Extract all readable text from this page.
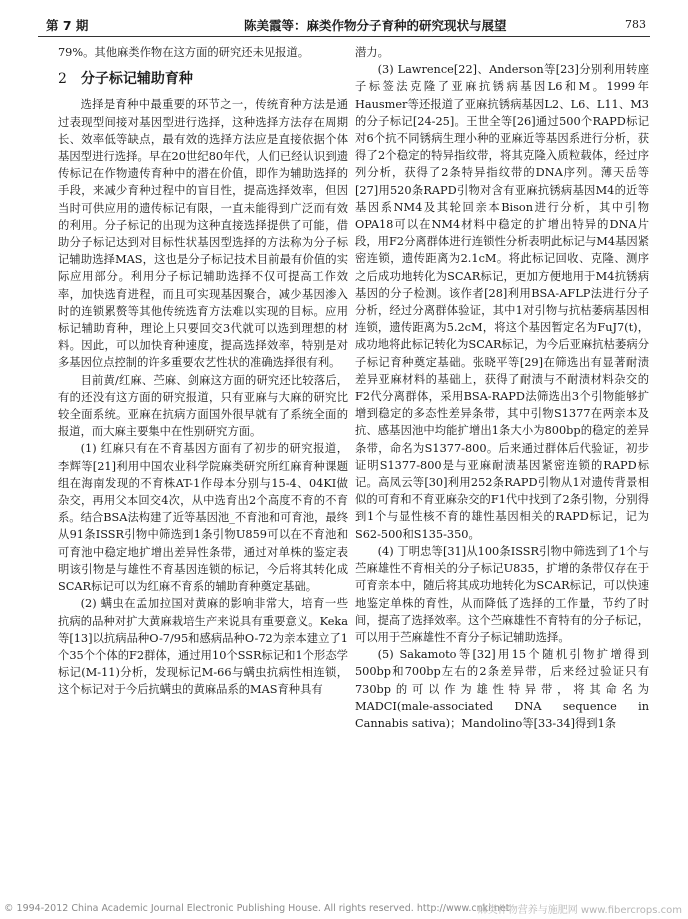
第 7 期	陈美霞等：麻类作物分子育种的研究现状与展望	783

79%。其他麻类作物在这方面的研究还未见报道。

2 分子标记辅助育种

选择是育种中最重要的环节之一，传统育种方法是通过表现型间接对基因型进行选择，这种选择方法存在周期长、效率低等缺点，最有效的选择方法应是直接依据个体基因型进行选择。早在20世纪80年代，人们已经认识到遗传标记在作物遗传育种中的潜在价值，即作为辅助选择的手段，来减少育种过程中的盲目性，提高选择效率，但因当时可供应用的遗传标记有限，一直未能得到广泛而有效的利用。分子标记的出现为这种直接选择提供了可能，借助分子标记达到对目标性状基因型选择的方法称为分子标记辅助选择MAS，这也是分子标记技术目前最有价值的实际应用部分。利用分子标记辅助选择不仅可提高工作效率，加快选育进程，而且可实现基因聚合，减少基因渗入时的连锁累赘等其他传统选育方法难以实现的目标。应用标记辅助育种，理论上只要回交3代就可以选到理想的材料。因此，可以加快育种速度，提高选择效率，特别是对多基因位点控制的许多重要农艺性状的准确选择很有利。

目前黄/红麻、苎麻、剑麻这方面的研究还比较落后，有的还没有这方面的研究报道，只有亚麻与大麻的研究比较全面系统。亚麻在抗病方面国外很早就有了系统全面的报道，而大麻主要集中在性别研究方面。

(1) 红麻只有在不育基因方面有了初步的研究报道，李辉等[21]利用中国农业科学院麻类研究所红麻育种课题组在海南发现的不育株AT-1作母本分别与15-4、04KI做杂交，再用父本回交4次，从中选育出2个高度不育的不育系。结合BSA法构建了近等基因池_不育池和可育池，最终从91条ISSR引物中筛选到1条引物U859可以在不育池和可育池中稳定地扩增出差异性条带，通过对单株的鉴定表明该引物是与雄性不育基因连锁的标记，今后将其转化成SCAR标记可以为红麻不育系的辅助育种奠定基础。

(2) 螨虫在孟加拉国对黄麻的影响非常大，培育一些抗病的品种对扩大黄麻栽培生产来说具有重要意义。Keka等[13]以抗病品种O-7/95和感病品种O-72为亲本建立了1个35个个体的F2群体，通过用10个SSR标记和1个形态学标记(M-11)分析，发现标记M-66与螨虫抗病性相连锁，这个标记对于今后抗螨虫的黄麻品系的MAS育种具有

潜力。

(3) Lawrence[22]、Anderson等[23]分别利用转座子标签法克隆了亚麻抗锈病基因L6和M。1999年Hausmer等还报道了亚麻抗锈病基因L2、L6、L11、M3的分子标记[24-25]。王世全等[26]通过500个RAPD标记对6个抗不同锈病生理小种的亚麻近等基因系进行分析，获得了2个稳定的特异指纹带，将其克隆入质粒载体，经过序列分析，获得了2条特异指纹带的DNA序列。薄天岳等[27]用520条RAPD引物对含有亚麻抗锈病基因M4的近等基因系NM4及其轮回亲本Bison进行分析，其中引物OPA18可以在NM4材料中稳定的扩增出特异的DNA片段，用F2分离群体进行连锁性分析表明此标记与M4基因紧密连锁，遗传距离为2.1cM。将此标记回收、克隆、测序之后成功地转化为SCAR标记，更加方便地用于M4抗锈病基因的分子检测。该作者[28]利用BSA-AFLP法进行分子分析，经过分离群体验证，其中1对引物与抗枯萎病基因相连锁，遗传距离为5.2cM，将这个基因暂定名为FuJ7(t)，成功地将此标记转化为SCAR标记，为今后亚麻抗枯萎病分子标记育种奠定基础。张晓平等[29]在筛选出有显著耐渍差异亚麻材料的基础上，获得了耐渍与不耐渍材料杂交的F2代分离群体，采用BSA-RAPD法筛选出3个引物能够扩增到稳定的多态性差异条带，其中引物S1377在两亲本及抗、感基因池中均能扩增出1条大小为800bp的稳定的差异条带，命名为S1377-800。后来通过群体后代验证，初步证明S1377-800是与亚麻耐渍基因紧密连锁的RAPD标记。高凤云等[30]利用252条RAPD引物从1对遗传背景相似的可育和不育亚麻杂交的F1代中找到了2条引物，分别得到1个与显性核不育的雄性基因相关的RAPD标记，记为S62-500和S135-350。

(4) 丁明忠等[31]从100条ISSR引物中筛选到了1个与苎麻雄性不育相关的分子标记U835，扩增的条带仅存在于可育亲本中，随后将其成功地转化为SCAR标记，可以快速地鉴定单株的育性，从而降低了选择的工作量，节约了时间，提高了选择效率。这个苎麻雄性不育特有的分子标记，可以用于苎麻雄性不育分子标记辅助选择。

(5) Sakamoto等[32]用15个随机引物扩增得到500bp和700bp左右的2条差异带，后来经过验证只有730bp的可以作为雄性特异带，将其命名为MADCI(male-associated DNA sequence in Cannabis sativa)；Mandolino等[33-34]得到1条

© 1994-2012 China Academic Journal Electronic Publishing House. All rights reserved. http://www.cnki.net
麻类作物营养与施肥网 www.fibercrops.com
